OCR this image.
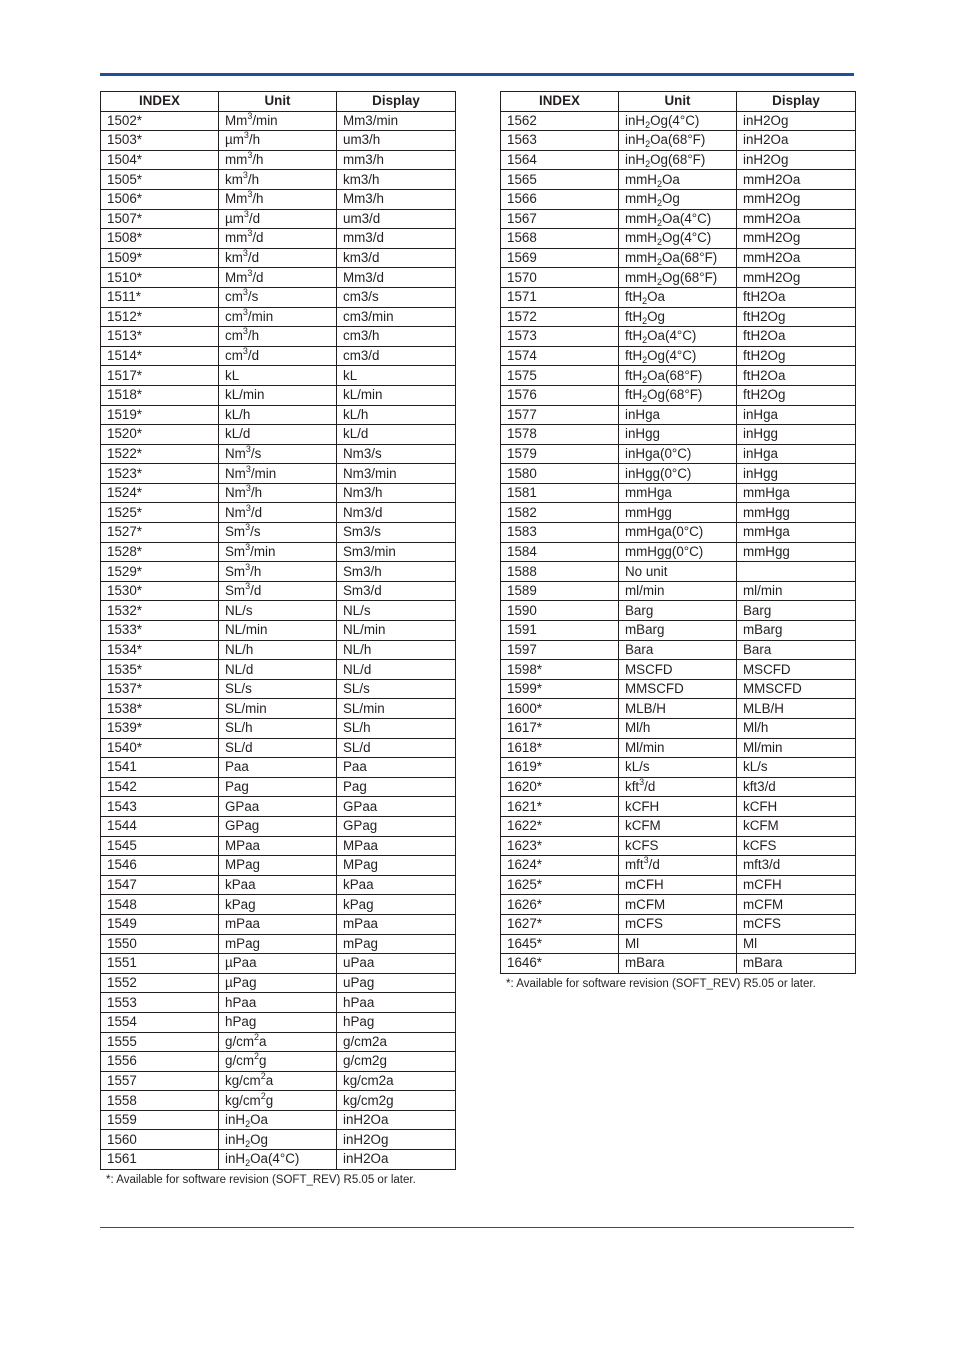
INDEX	Unit	Display
1502*	Mm$^3$/min	Mm3/min
1503*	µm$^3$/h	um3/h
1504*	$mm^3/h$	mm3/h
1505*	$km^3/h$	km3/h
1506*	Mm$^3$/h	Mm3/h
1507*	µm$^3$/d	um3/d
1508*	$mm^3/d$	mm3/d
1509*	$km^3/d$	km3/d
1510*	Mm$^3$/d	Mm3/d
1511*	$cm^3/s$	cm3/s
1512*	$cm^3/\min$	cm3/min
1513*	$cm^3/h$	cm3/h
1514*	$cm^3/d$	cm3/d
1517*	kL	kL
1518*	kL/min	kL/min
1519*	kL/h	kL/h
1520*	kL/d	kL/d
1522*	Nm$^3$/s	Nm3/s
1523*	Nm$^3$/min	Nm3/min
1524*	Nm$^3$/h	Nm3/h
1525*	Nm$^3$/d	Nm3/d
1527*	Sm$^3$/s	Sm3/s
1528*	Sm$^3$/min	Sm3/min
1529*	Sm$^3$/h	Sm3/h
1530*	Sm$^3$/d	Sm3/d
1532*	NL/s	NL/s
1533*	NL/min	NL/min
1534*	NL/h	NL/h
1535*	NL/d	NL/d
1537*	SL/s	SL/s
1538*	SL/min	SL/min
1539*	SL/h	SL/h
1540*	SL/d	SL/d
1541	Paa	Paa
1542	Pag	Pag
1543	GPaa	GPaa
1544	GPag	GPag
1545	MPaa	MPaa
1546	MPag	MPag
1547	kPaa	kPaa
1548	kPag	kPag
1549	mPaa	mPaa
1550	mPag	mPag
1551	µPaa	uPaa
1552	µPag	uPag
1553	hPaa	hPaa
1554	hPag	hPag
1555	$g/cm^2a$	g/cm2a
1556	$g/cm^2g$	g/cm2g
1557	$kg/cm^2a$	kg/cm2a
1558	$kg/cm^2g$	kg/cm2g
1559	inH$_2$Oa	inH2Oa
1560	inH$_2$Og	inH2Og
1561	inH$_2$Oa(4°C)	inH2Oa
*: Available for software revision (SOFT_REV) R5.05 or later.
INDEX	Unit	Display
1562	inH$_2$Og(4°C)	inH2Og
1563	inH$_2$Oa(68°F)	inH2Oa
1564	inH$_2$Og(68°F)	inH2Og
1565	mmH$_2$Oa	mmH2Oa
1566	mmH$_2$Og	mmH2Og
1567	mmH$_2$Oa(4°C)	mmH2Oa
1568	mmH$_2$Og(4°C)	mmH2Og
1569	mmH$_2$Oa(68°F)	mmH2Oa
1570	mmH$_2$Og(68°F)	mmH2Og
1571	ftH$_2$Oa	ftH2Oa
1572	ftH$_2$Og	ftH2Og
1573	ftH$_2$Oa(4°C)	ftH2Oa
1574	ftH$_2$Og(4°C)	ftH2Og
1575	ftH$_2$Oa(68°F)	ftH2Oa
1576	ftH$_2$Og(68°F)	ftH2Og
1577	inHga	inHga
1578	inHgg	inHgg
1579	inHga(0°C)	inHga
1580	inHgg(0°C)	inHgg
1581	mmHga	mmHga
1582	mmHgg	mmHgg
1583	mmHga(0°C)	mmHga
1584	mmHgg(0°C)	mmHgg
1588	No unit	
1589	ml/min	ml/min
1590	Barg	Barg
1591	mBarg	mBarg
1597	Bara	Bara
1598*	MSCFD	MSCFD
1599*	MMSCFD	MMSCFD
1600*	MLB/H	MLB/H
1617*	Ml/h	Ml/h
1618*	Ml/min	Ml/min
1619*	kL/s	kL/s
1620*	kft$^3$/d	kft3/d
1621*	kCFH	kCFH
1622*	kCFM	kCFM
1623*	kCFS	kCFS
1624*	mft$^3$/d	mft3/d
1625*	mCFH	mCFH
1626*	mCFM	mCFM
1627*	mCFS	mCFS
1645*	Ml	Ml
1646*	mBara	mBara
*: Available for software revision (SOFT_REV) R5.05 or later.
